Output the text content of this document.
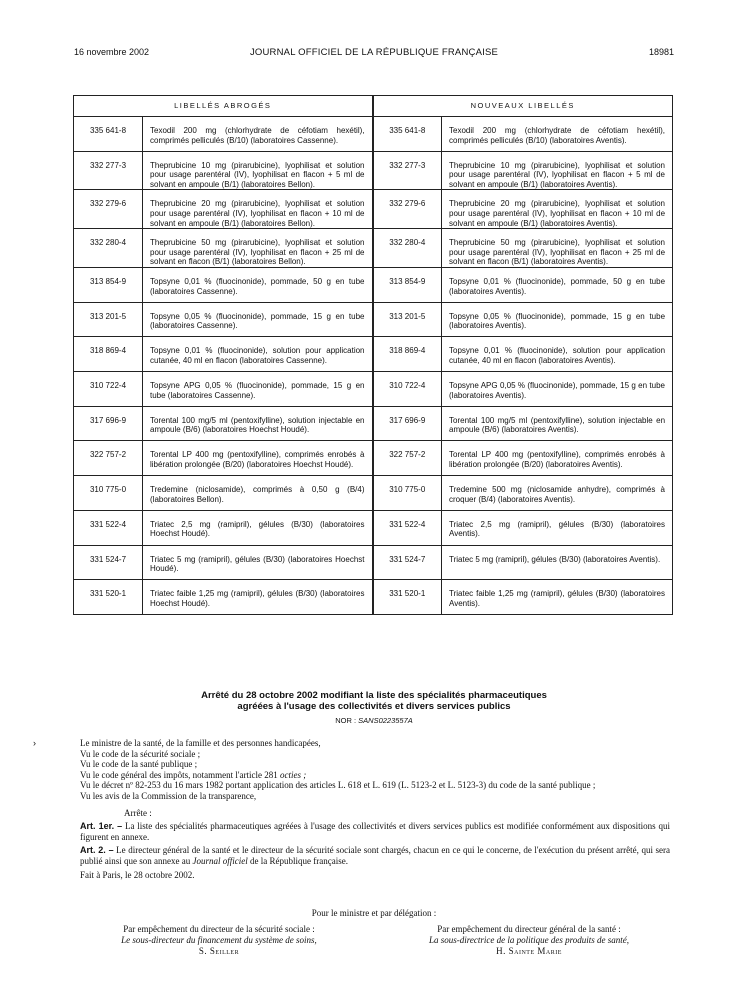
16 novembre 2002	JOURNAL OFFICIEL DE LA RÉPUBLIQUE FRANÇAISE	18981
LIBELLÉS ABROGÉS		NOUVEAUX LIBELLÉS	
335 641-8	Texodil 200 mg (chlorhydrate de céfotiam hexétil), comprimés pelliculés (B/10) (laboratoires Cassenne).	335 641-8	Texodil 200 mg (chlorhydrate de céfotiam hexétil), comprimés pelliculés (B/10) (laboratoires Aventis).
332 277-3	Theprubicine 10 mg (pirarubicine), lyophilisat et solution pour usage parentéral (IV), lyophilisat en flacon + 5 ml de solvant en ampoule (B/1) (laboratoires Bellon).	332 277-3	Theprubicine 10 mg (pirarubicine), lyophilisat et solution pour usage parentéral (IV), lyophilisat en flacon + 5 ml de solvant en ampoule (B/1) (laboratoires Aventis).
332 279-6	Theprubicine 20 mg (pirarubicine), lyophilisat et solution pour usage parentéral (IV), lyophilisat en flacon + 10 ml de solvant en ampoule (B/1) (laboratoires Bellon).	332 279-6	Theprubicine 20 mg (pirarubicine), lyophilisat et solution pour usage parentéral (IV), lyophilisat en flacon + 10 ml de solvant en ampoule (B/1) (laboratoires Aventis).
332 280-4	Theprubicine 50 mg (pirarubicine), lyophilisat et solution pour usage parentéral (IV), lyophilisat en flacon + 25 ml de solvant en flacon (B/1) (laboratoires Bellon).	332 280-4	Theprubicine 50 mg (pirarubicine), lyophilisat et solution pour usage parentéral (IV), lyophilisat en flacon + 25 ml de solvant en flacon (B/1) (laboratoires Aventis).
313 854-9	Topsyne 0,01 % (fluocinonide), pommade, 50 g en tube (laboratoires Cassenne).	313 854-9	Topsyne 0,01 % (fluocinonide), pommade, 50 g en tube (laboratoires Aventis).
313 201-5	Topsyne 0,05 % (fluocinonide), pommade, 15 g en tube (laboratoires Cassenne).	313 201-5	Topsyne 0,05 % (fluocinonide), pommade, 15 g en tube (laboratoires Aventis).
318 869-4	Topsyne 0,01 % (fluocinonide), solution pour application cutanée, 40 ml en flacon (laboratoires Cassenne).	318 869-4	Topsyne 0,01 % (fluocinonide), solution pour application cutanée, 40 ml en flacon (laboratoires Aventis).
310 722-4	Topsyne APG 0,05 % (fluocinonide), pommade, 15 g en tube (laboratoires Cassenne).	310 722-4	Topsyne APG 0,05 % (fluocinonide), pommade, 15 g en tube (laboratoires Aventis).
317 696-9	Torental 100 mg/5 ml (pentoxifylline), solution injectable en ampoule (B/6) (laboratoires Hoechst Houdé).	317 696-9	Torental 100 mg/5 ml (pentoxifylline), solution injectable en ampoule (B/6) (laboratoires Aventis).
322 757-2	Torental LP 400 mg (pentoxifylline), comprimés enrobés à libération prolongée (B/20) (laboratoires Hoechst Houdé).	322 757-2	Torental LP 400 mg (pentoxifylline), comprimés enrobés à libération prolongée (B/20) (laboratoires Aventis).
310 775-0	Tredemine (niclosamide), comprimés à 0,50 g (B/4) (laboratoires Bellon).	310 775-0	Tredemine 500 mg (niclosamide anhydre), comprimés à croquer (B/4) (laboratoires Aventis).
331 522-4	Triatec 2,5 mg (ramipril), gélules (B/30) (laboratoires Hoechst Houdé).	331 522-4	Triatec 2,5 mg (ramipril), gélules (B/30) (laboratoires Aventis).
331 524-7	Triatec 5 mg (ramipril), gélules (B/30) (laboratoires Hoechst Houdé).	331 524-7	Triatec 5 mg (ramipril), gélules (B/30) (laboratoires Aventis).
331 520-1	Triatec faible 1,25 mg (ramipril), gélules (B/30) (laboratoires Hoechst Houdé).	331 520-1	Triatec faible 1,25 mg (ramipril), gélules (B/30) (laboratoires Aventis).
Arrêté du 28 octobre 2002 modifiant la liste des spécialités pharmaceutiques
agréées à l'usage des collectivités et divers services publics
NOR : SANS0223557A
›	Le ministre de la santé, de la famille et des personnes handicapées,

Vu le code de la sécurité sociale ;

Vu le code de la santé publique ;

Vu le code général des impôts, notamment l'article 281 octies ;

Vu le décret nº 82-253 du 16 mars 1982 portant application des articles L. 618 et L. 619 (L. 5123-2 et L. 5123-3) du code de la santé publique ;

Vu les avis de la Commission de la transparence,

Arrête :

Art. 1er. – La liste des spécialités pharmaceutiques agréées à l'usage des collectivités et divers services publics est modifiée conformément aux dispositions qui figurent en annexe.

Art. 2. – Le directeur général de la santé et le directeur de la sécurité sociale sont chargés, chacun en ce qui le concerne, de l'exécution du présent arrêté, qui sera publié ainsi que son annexe au Journal officiel de la République française.

Fait à Paris, le 28 octobre 2002.

Pour le ministre et par délégation :
Par empêchement du directeur de la sécurité sociale :
Le sous-directeur du financement du système de soins,
S. Seiller
Par empêchement du directeur général de la santé :
La sous-directrice de la politique des produits de santé,
H. Sainte Marie
